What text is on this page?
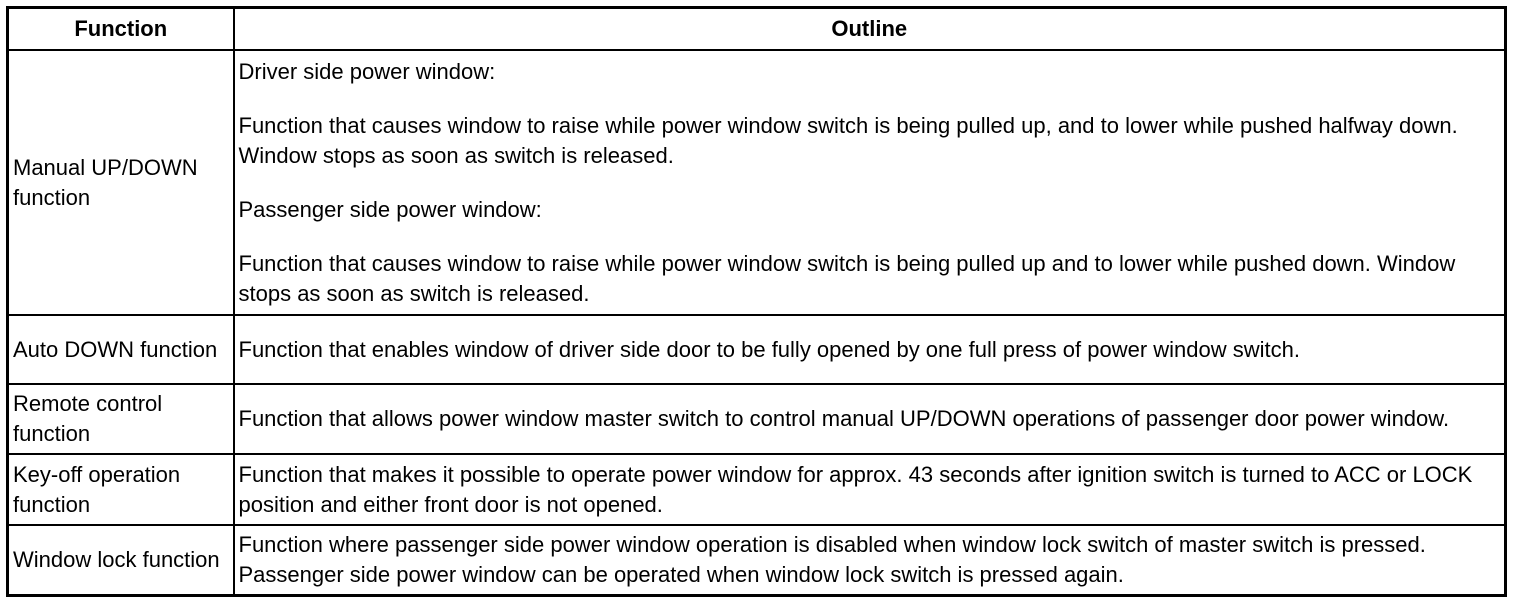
Function	Outline
Manual UP/DOWN function	Driver side power window:
Function that causes window to raise while power window switch is being pulled up, and to lower while pushed halfway down. Window stops as soon as switch is released.
Passenger side power window:
Function that causes window to raise while power window switch is being pulled up and to lower while pushed down. Window stops as soon as switch is released.

Auto DOWN function	Function that enables window of driver side door to be fully opened by one full press of power window switch.

Remote control function	Function that allows power window master switch to control manual UP/DOWN operations of passenger door power window.

Key-off operation function	Function that makes it possible to operate power window for approx. 43 seconds after ignition switch is turned to ACC or LOCK position and either front door is not opened.

Window lock function	Function where passenger side power window operation is disabled when window lock switch of master switch is pressed. Passenger side power window can be operated when window lock switch is pressed again.
